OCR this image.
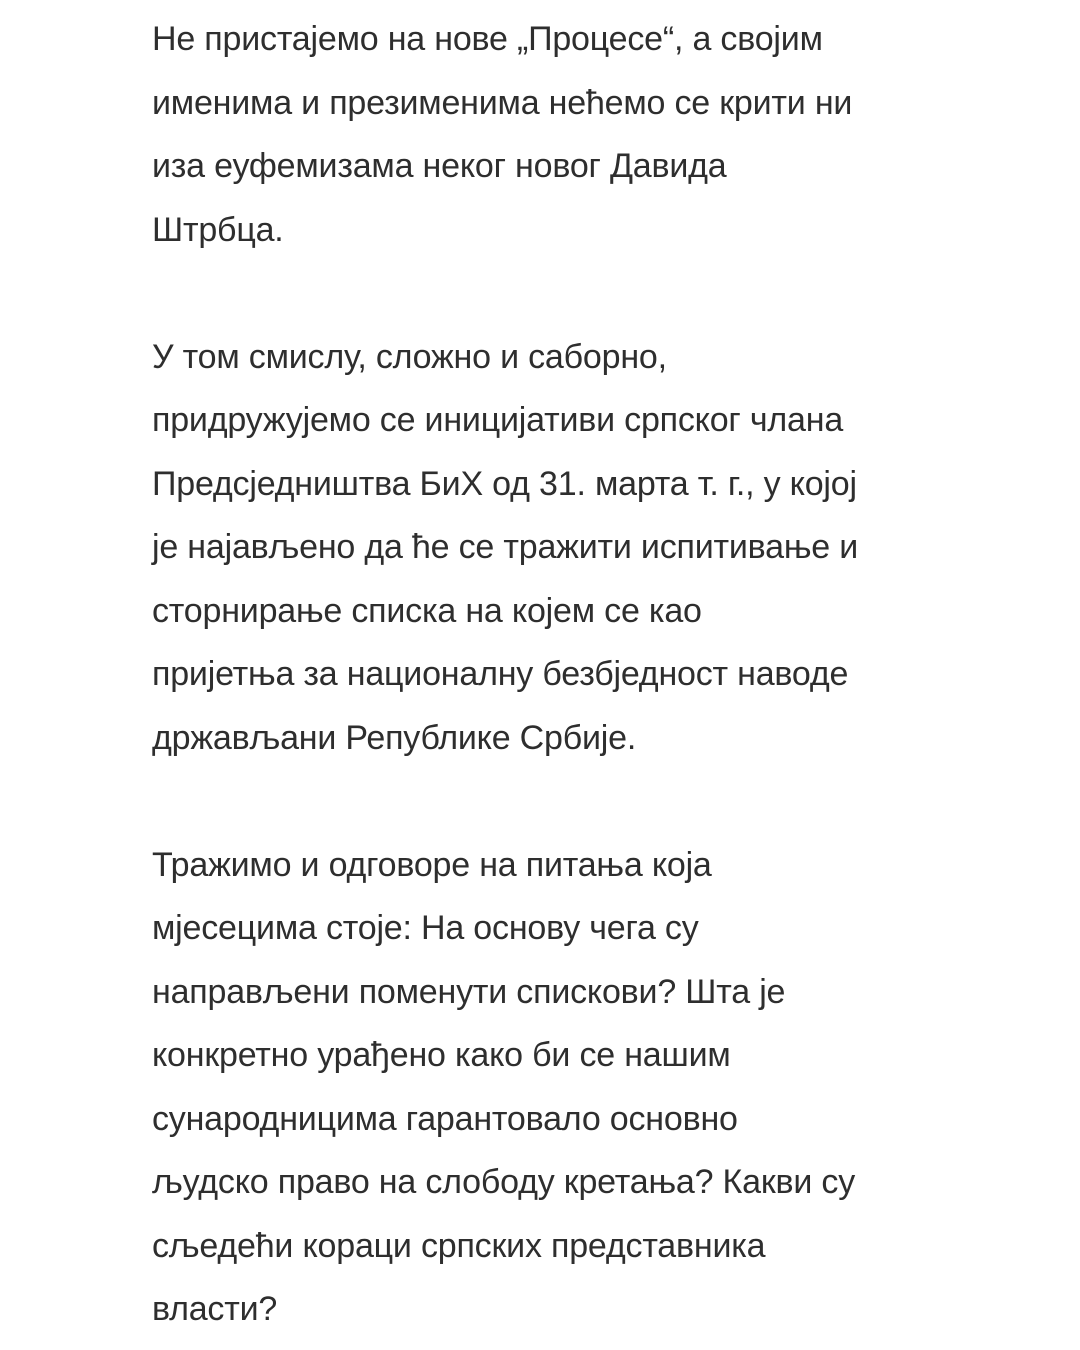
Не пристајемо на нове „Процесе“, а својим
именима и презименима нећемо се крити ни
иза еуфемизама неког новог Давида
Штрбца.

У том смислу, сложно и саборно,
придружујемо се иницијативи српског члана
Предсједништва БиХ од 31. марта т. г., у којој
је најављено да ће се тражити испитивање и
сторнирање списка на којем се као
пријетња за националну безбједност наводе
држављани Републике Србије.

Тражимо и одговоре на питања која
мјесецима стоје: На основу чега су
направљени поменути спискови? Шта је
конкретно урађено како би се нашим
сународницима гарантовало основно
људско право на слободу кретања? Какви су
сљедећи кораци српских представника
власти?
